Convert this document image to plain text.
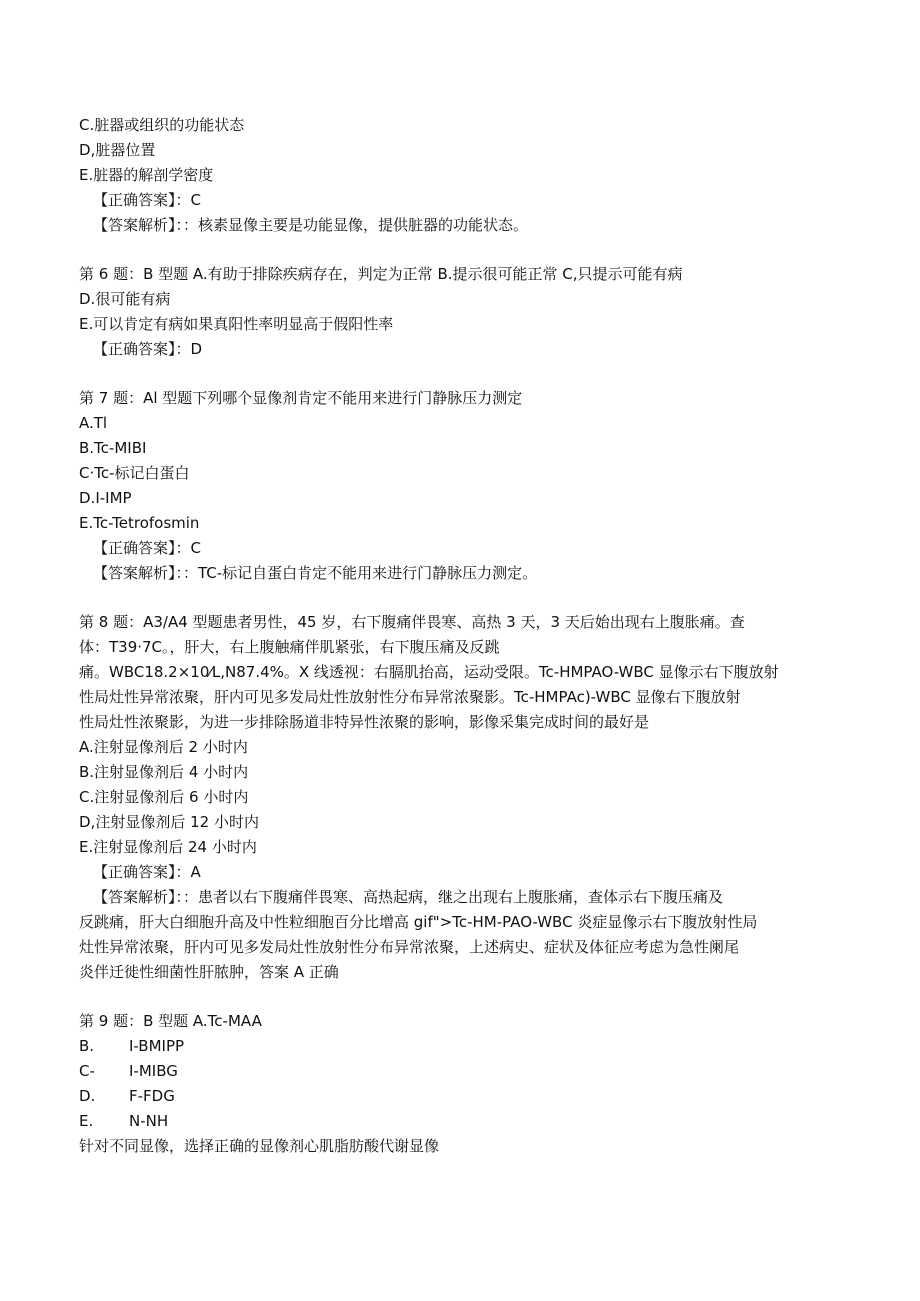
C.脏器或组织的功能状态
D,脏器位置
E.脏器的解剖学密度
【正确答案】：C
【答案解析】：：核素显像主要是功能显像，提供脏器的功能状态。
第 6 题：B 型题 A.有助于排除疾病存在，判定为正常 B.提示很可能正常 C,只提示可能有病
D.很可能有病
E.可以肯定有病如果真阳性率明显高于假阳性率
【正确答案】：D
第 7 题：Al 型题下列哪个显像剂肯定不能用来进行门静脉压力测定
A.Tl
B.Tc-MIBI
C·Tc-标记白蛋白
D.I-IMP
E.Tc-Tetrofosmin
【正确答案】：C
【答案解析】：：TC-标记自蛋白肯定不能用来进行门静脉压力测定。
第 8 题：A3/A4 型题患者男性，45 岁，右下腹痛伴畏寒、高热 3 天，3 天后始出现右上腹胀痛。查
体：T39·7C。，肝大，右上腹触痛伴肌紧张，右下腹压痛及反跳
痛。WBC18.2×10⁄L,N87.4%。X 线透视：右膈肌抬高，运动受限。Tc-HMPAO-WBC 显像示右下腹放射
性局灶性异常浓聚，肝内可见多发局灶性放射性分布异常浓聚影。Tc-HMPAc)-WBC 显像右下腹放射
性局灶性浓聚影，为进一步排除肠道非特异性浓聚的影响，影像采集完成时间的最好是
A.注射显像剂后 2 小时内
B.注射显像剂后 4 小时内
C.注射显像剂后 6 小时内
D,注射显像剂后 12 小时内
E.注射显像剂后 24 小时内
【正确答案】：A
【答案解析】：：患者以右下腹痛伴畏寒、高热起病，继之出现右上腹胀痛，查体示右下腹压痛及
反跳痛，肝大白细胞升高及中性粒细胞百分比增高 gif">Tc-HM-PAO-WBC 炎症显像示右下腹放射性局
灶性异常浓聚，肝内可见多发局灶性放射性分布异常浓聚，上述病史、症状及体征应考虑为急性阑尾
炎伴迁徙性细菌性肝脓肿，答案 A 正确
第 9 题：B 型题 A.Tc-MAA
B.	I-BMIPP
C-	I-MIBG
D.	F-FDG
E.	N-NH
针对不同显像，选择正确的显像剂心肌脂肪酸代谢显像
